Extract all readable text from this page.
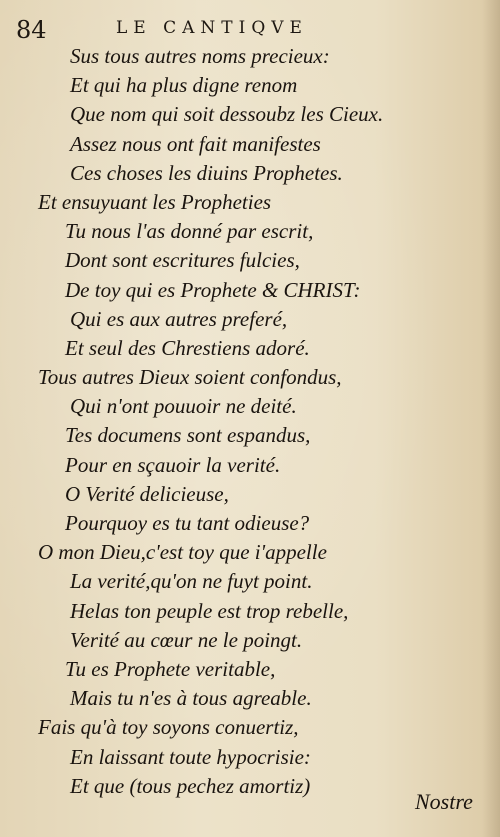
84	LE CANTIQVE
Sus tous autres noms precieux:
Et qui ha plus digne renom
Que nom qui soit dessoubz les Cieux.
Assez nous ont fait manifestes
Ces choses les diuins Prophetes.
Et ensuyuant les Propheties
Tu nous l'as donné par escrit,
Dont sont escritures fulcies,
De toy qui es Prophete & CHRIST:
Qui es aux autres preferé,
Et seul des Chrestiens adoré.
Tous autres Dieux soient confondus,
Qui n'ont pouuoir ne deité.
Tes documens sont espandus,
Pour en sçauoir la verité.
O Verité delicieuse,
Pourquoy es tu tant odieuse?
O mon Dieu,c'est toy que i'appelle
La verité,qu'on ne fuyt point.
Helas ton peuple est trop rebelle,
Verité au cœur ne le poingt.
Tu es Prophete veritable,
Mais tu n'es à tous agreable.
Fais qu'à toy soyons conuertiz,
En laissant toute hypocrisie:
Et que (tous pechez amortiz)
Nostre
